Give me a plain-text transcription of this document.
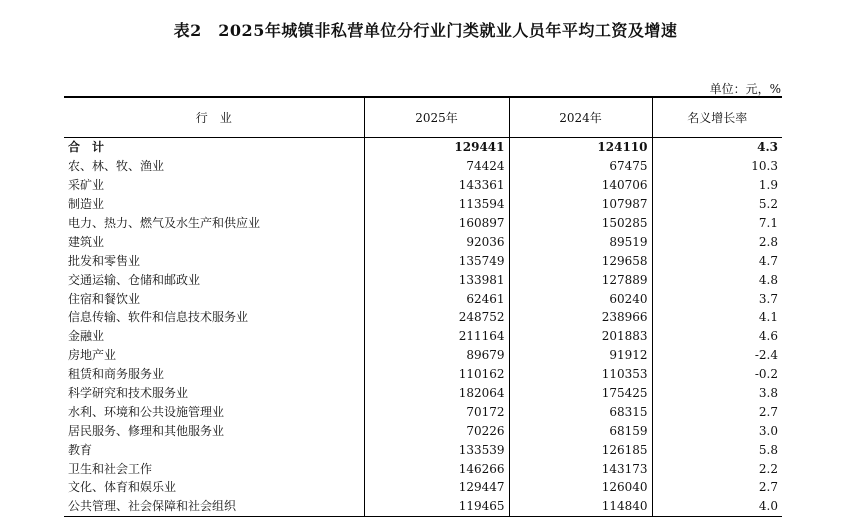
表2　2025年城镇非私营单位分行业门类就业人员年平均工资及增速
单位：元，%
行　业	2025年	2024年	名义增长率
合　计	129441	124110	4.3
农、林、牧、渔业	74424	67475	10.3
采矿业	143361	140706	1.9
制造业	113594	107987	5.2
电力、热力、燃气及水生产和供应业	160897	150285	7.1
建筑业	92036	89519	2.8
批发和零售业	135749	129658	4.7
交通运输、仓储和邮政业	133981	127889	4.8
住宿和餐饮业	62461	60240	3.7
信息传输、软件和信息技术服务业	248752	238966	4.1
金融业	211164	201883	4.6
房地产业	89679	91912	-2.4
租赁和商务服务业	110162	110353	-0.2
科学研究和技术服务业	182064	175425	3.8
水利、环境和公共设施管理业	70172	68315	2.7
居民服务、修理和其他服务业	70226	68159	3.0
教育	133539	126185	5.8
卫生和社会工作	146266	143173	2.2
文化、体育和娱乐业	129447	126040	2.7
公共管理、社会保障和社会组织	119465	114840	4.0
